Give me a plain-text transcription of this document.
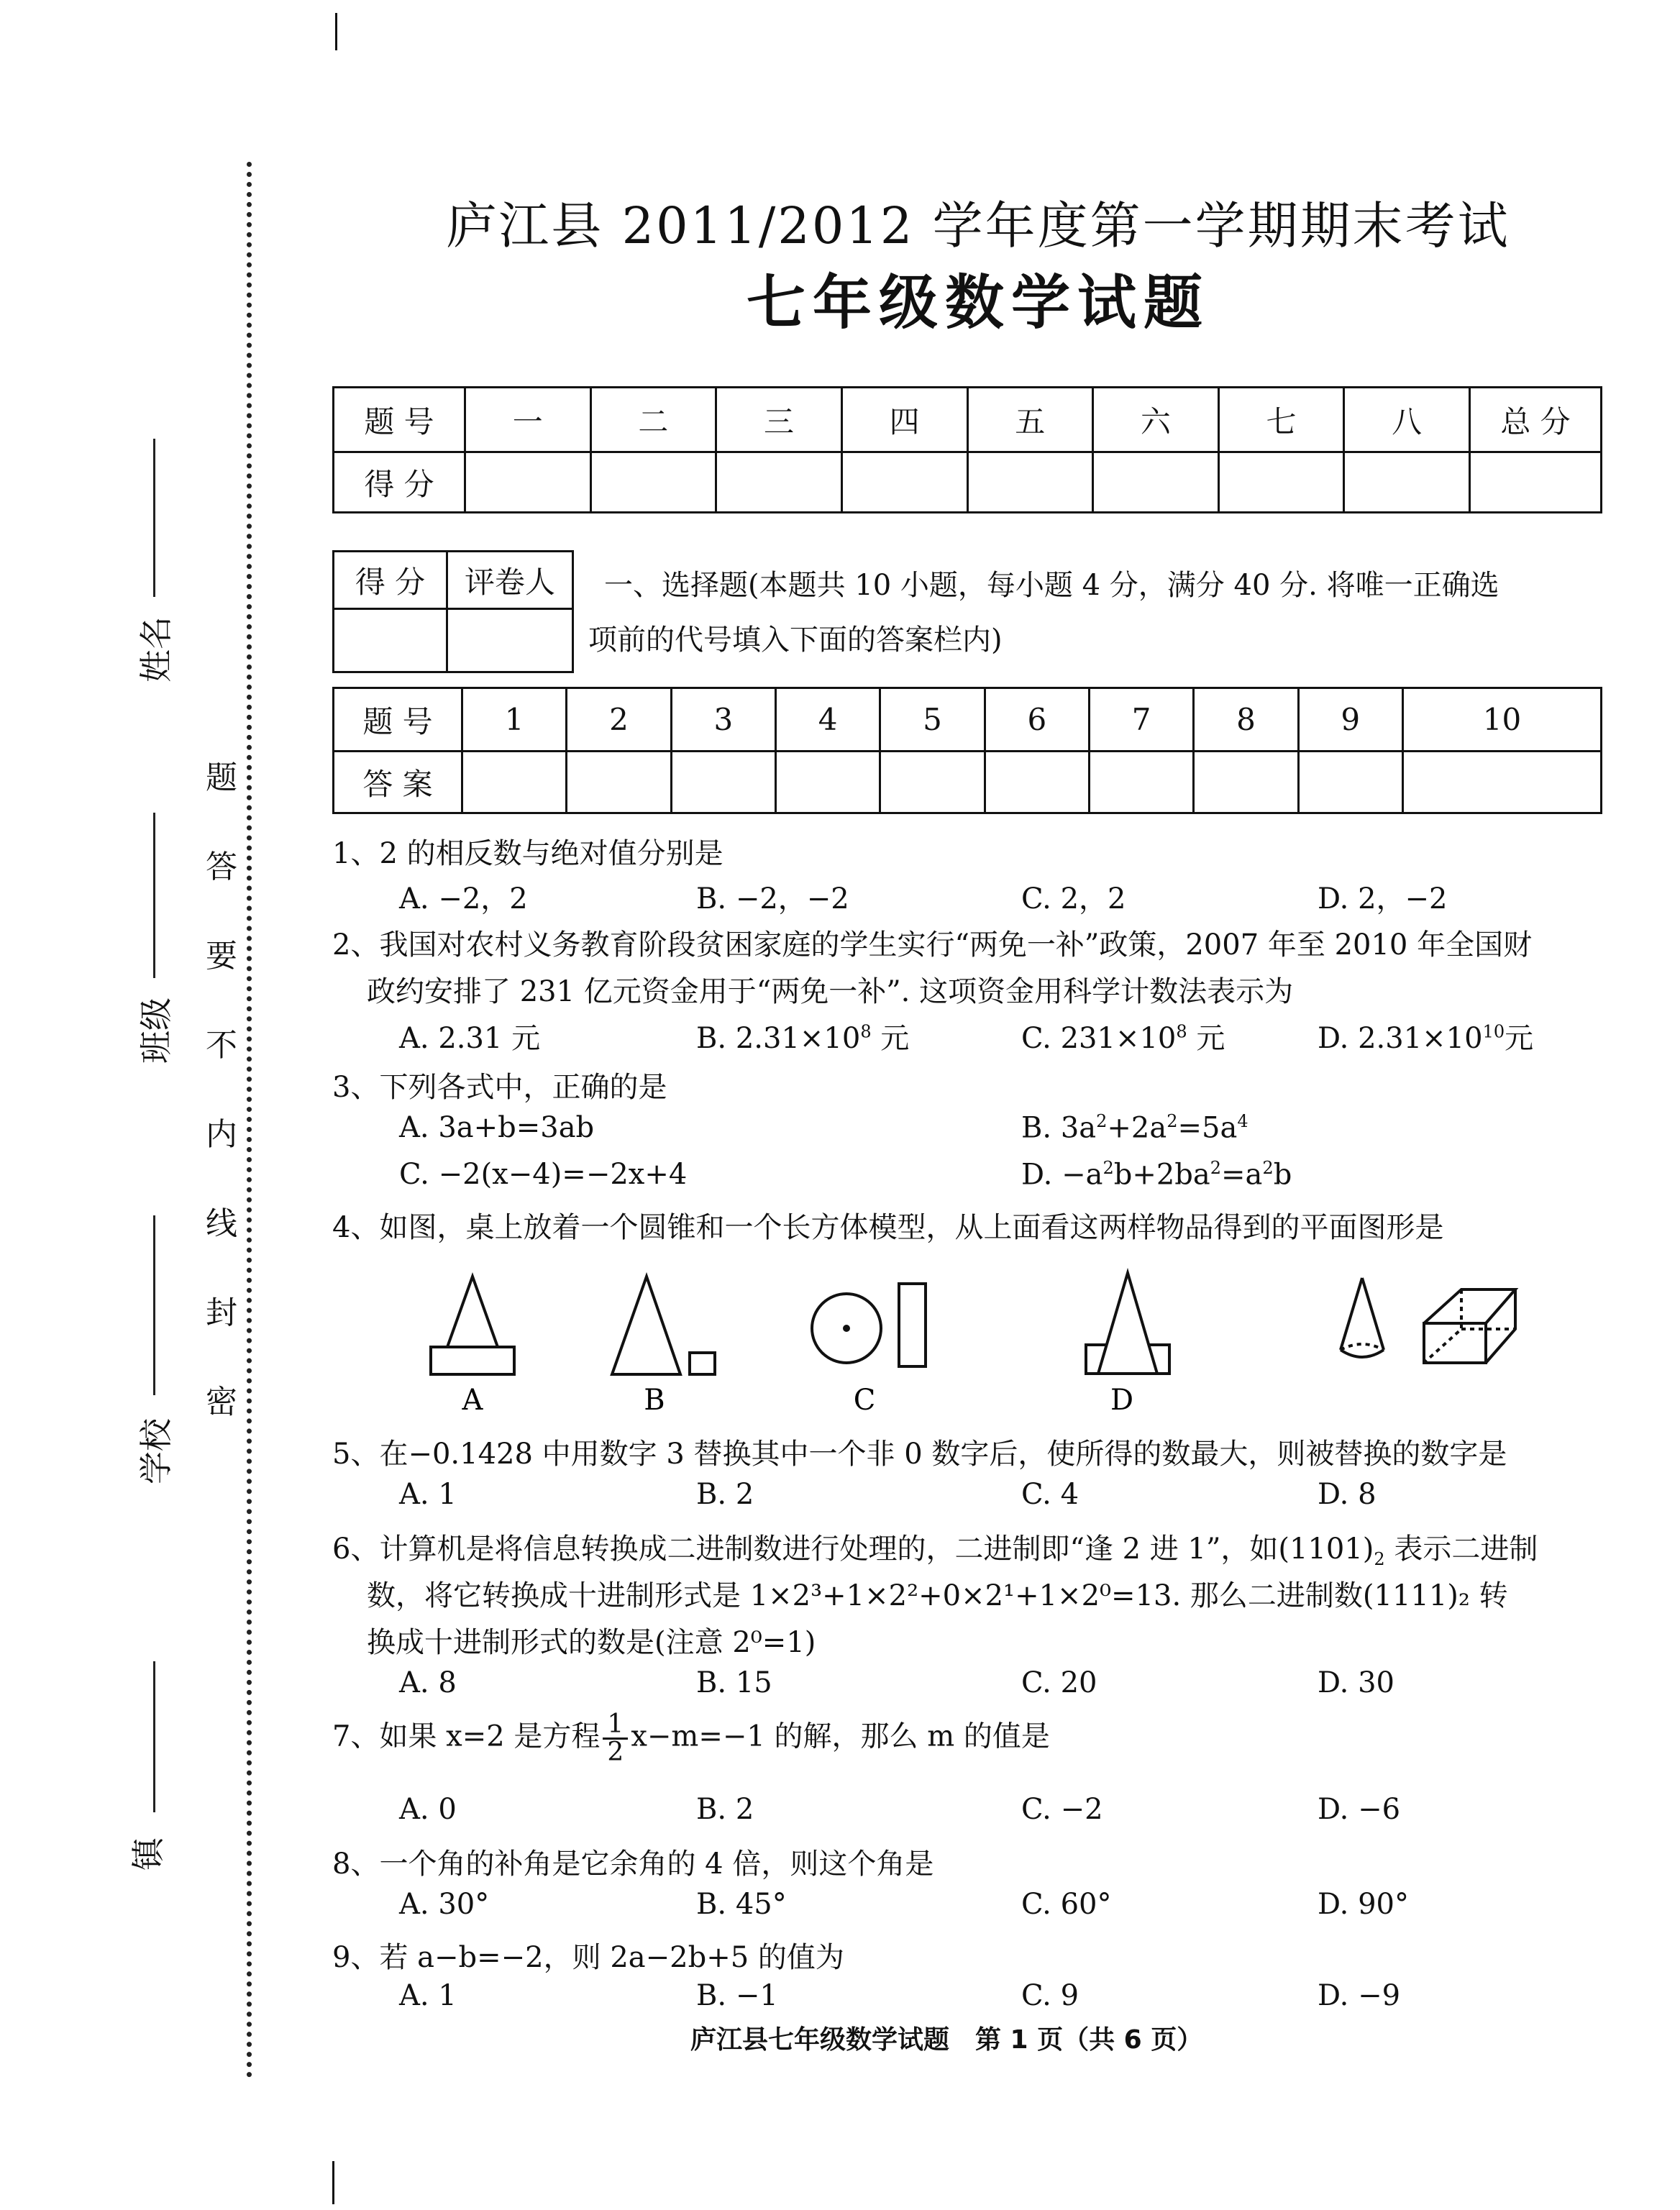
姓名
班级
学校
镇
题
答
要
不
内
线
封
密
庐江县 2011/2012 学年度第一学期期末考试
七年级数学试题
题 号	一	二	三	四	五	六	七	八	总 分
得 分									
得 分	评卷人
	一、选择题(本题共 10 小题，每小题 4 分，满分 40 分. 将唯一正确选
项前的代号填入下面的答案栏内)
题 号	1	2	3	4	5	6	7	8	9	10
答 案										
1、2 的相反数与绝对值分别是
A. −2，2	B. −2，−2	C. 2，2	D. 2，−2
2、我国对农村义务教育阶段贫困家庭的学生实行“两免一补”政策，2007 年至 2010 年全国财
政约安排了 231 亿元资金用于“两免一补”. 这项资金用科学计数法表示为
A. 2.31 元	B. $2.31\times 10^8$ 元	C. $231\times 10^8$ 元	D. $2.31\times 10^{10}$元
3、下列各式中，正确的是
A. 3a+b=3ab	B. $3a^2+2a^2=5a^4$
C. −2(x−4)=−2x+4	D. $-a^2b+2ba^2=a^2b$
4、如图，桌上放着一个圆锥和一个长方体模型，从上面看这两样物品得到的平面图形是
A	B	C	D
5、在−0.1428 中用数字 3 替换其中一个非 0 数字后，使所得的数最大，则被替换的数字是
A. 1	B. 2	C. 4	D. 8
6、计算机是将信息转换成二进制数进行处理的，二进制即“逢 2 进 1”，如$(1101)_2$ 表示二进制
数，将它转换成十进制形式是 1×2³+1×2²+0×2¹+1×2⁰=13. 那么二进制数(1111)₂ 转
换成十进制形式的数是(注意 2⁰=1)
A. 8	B. 15	C. 20	D. 30
7、如果 x=2 是方程 $\frac{1}{2} x-m=-1$ 的解，那么 m 的值是
A. 0	B. 2	C. −2	D. −6
8、一个角的补角是它余角的 4 倍，则这个角是
A. 30°	B. 45°	C. 60°	D. 90°
9、若 a−b=−2，则 2a−2b+5 的值为
A. 1	B. −1	C. 9	D. −9
庐江县七年级数学试题　第 1 页（共 6 页）
